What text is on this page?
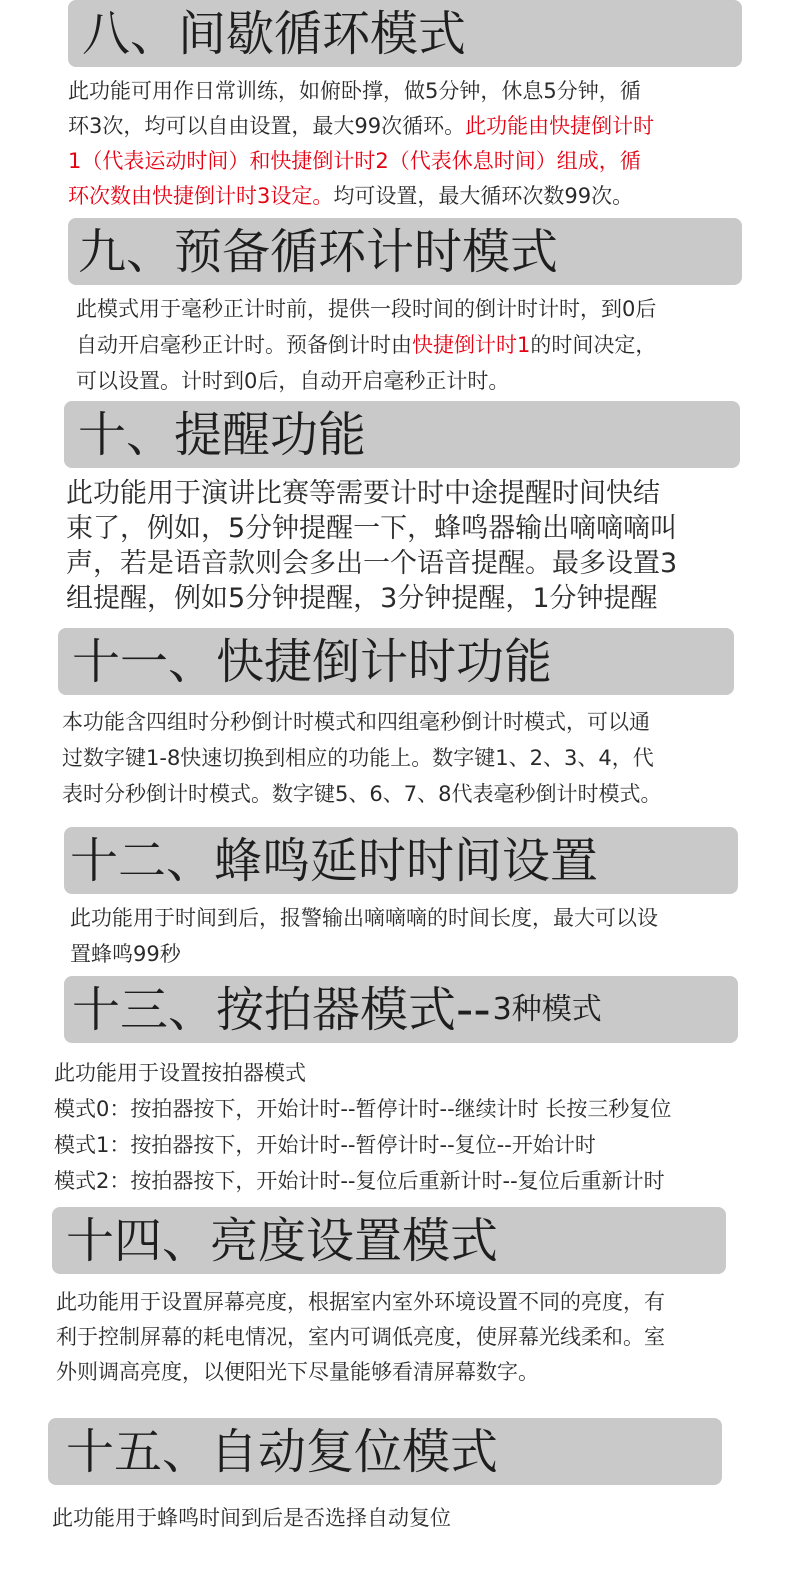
八、间歇循环模式
此功能可用作日常训练，如俯卧撑，做5分钟，休息5分钟，循
环3次，均可以自由设置，最大99次循环。此功能由快捷倒计时
1（代表运动时间）和快捷倒计时2（代表休息时间）组成，循
环次数由快捷倒计时3设定。均可设置，最大循环次数99次。
九、预备循环计时模式
此模式用于毫秒正计时前，提供一段时间的倒计时计时，到0后
自动开启毫秒正计时。预备倒计时由快捷倒计时1的时间决定，
可以设置。计时到0后，自动开启毫秒正计时。
十、提醒功能
此功能用于演讲比赛等需要计时中途提醒时间快结
束了，例如，5分钟提醒一下，蜂鸣器输出嘀嘀嘀叫
声，若是语音款则会多出一个语音提醒。最多设置3
组提醒，例如5分钟提醒，3分钟提醒，1分钟提醒
十一、快捷倒计时功能
本功能含四组时分秒倒计时模式和四组毫秒倒计时模式，可以通
过数字键1-8快速切换到相应的功能上。数字键1、2、3、4，代
表时分秒倒计时模式。数字键5、6、7、8代表毫秒倒计时模式。
十二、蜂鸣延时时间设置
此功能用于时间到后，报警输出嘀嘀嘀的时间长度，最大可以设
置蜂鸣99秒
十三、按拍器模式-- 3种模式
此功能用于设置按拍器模式
模式0：按拍器按下，开始计时--暂停计时--继续计时 长按三秒复位
模式1：按拍器按下，开始计时--暂停计时--复位--开始计时
模式2：按拍器按下，开始计时--复位后重新计时--复位后重新计时
十四、亮度设置模式
此功能用于设置屏幕亮度，根据室内室外环境设置不同的亮度，有
利于控制屏幕的耗电情况，室内可调低亮度，使屏幕光线柔和。室
外则调高亮度，以便阳光下尽量能够看清屏幕数字。
十五、自动复位模式
此功能用于蜂鸣时间到后是否选择自动复位
